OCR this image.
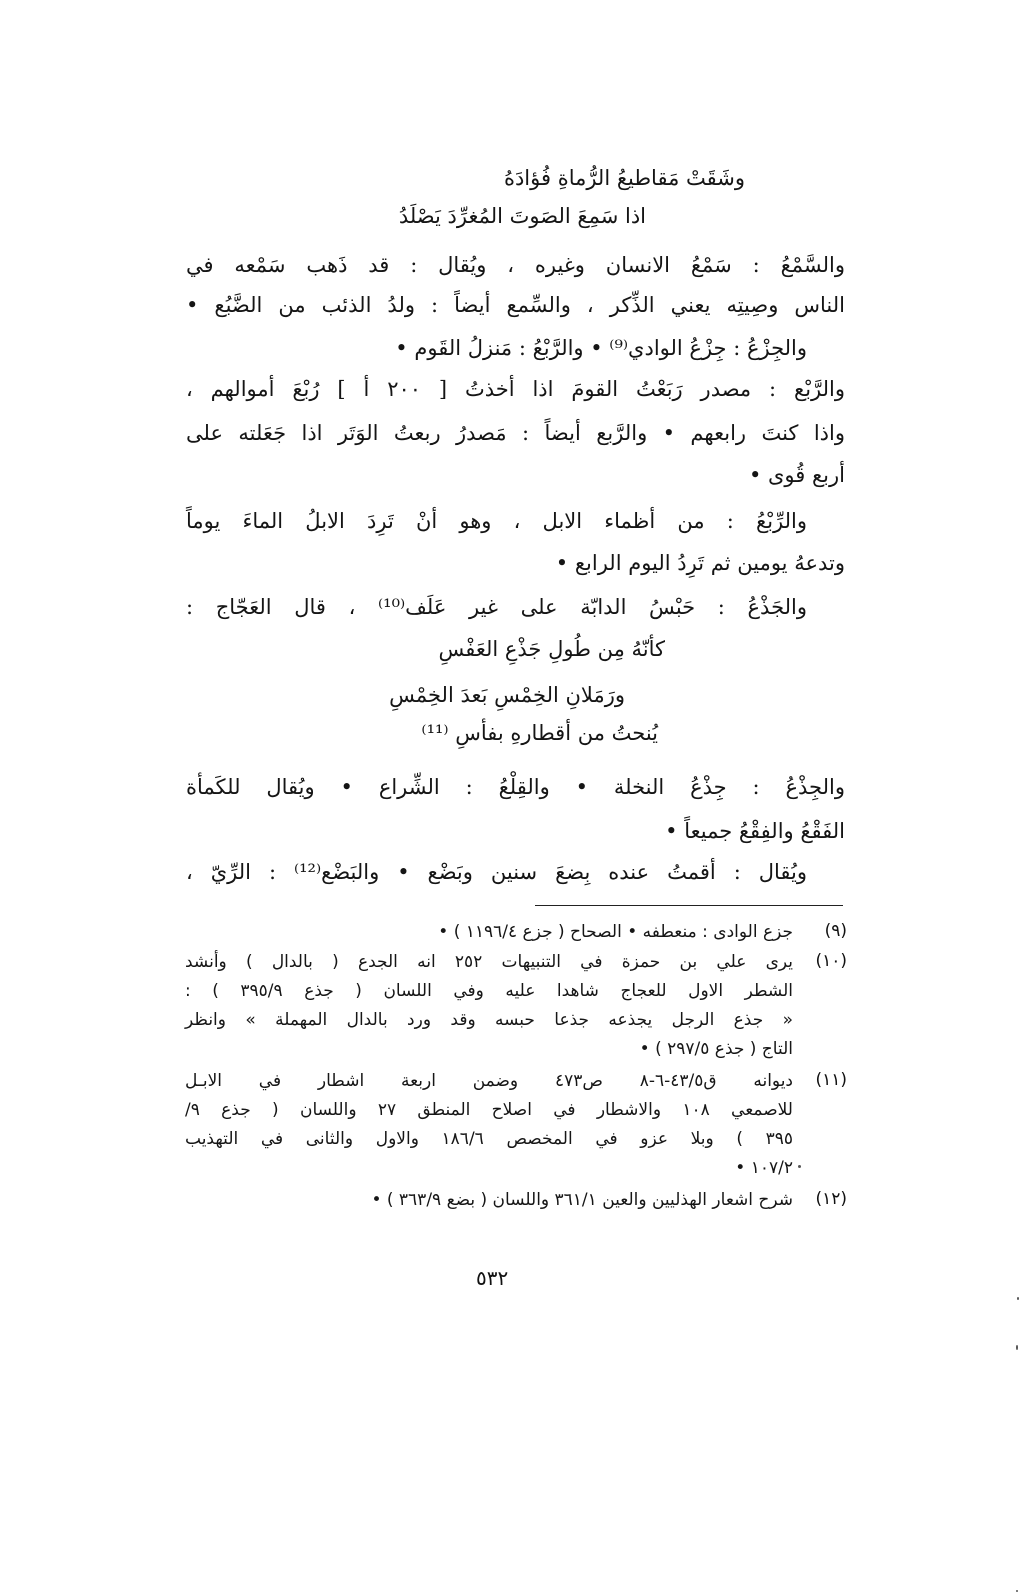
وشَقَتْ مَقاطيعُ الرُّماةِ فُؤادَهُ
اذا سَمِعَ الصَوتَ المُغرِّدَ يَصْلَدُ
والسَّمْعُ : سَمْعُ الانسان وغيره ، ويُقال : قد ذَهب سَمْعه في
الناس وصِيتِه يعني الذِّكر ، والسِّمع أيضاً : ولدُ الذئب من الضَّبُع •
والجِزْعُ : جِزْعُ الوادي⁽⁹⁾ • والرَّبْعُ : مَنزلُ القَوم •
والرَّبْع : مصدر رَبَعْتُ القومَ اذا أخذتُ [ ٢٠٠ أ ] رُبْعَ أموالهم ،
واذا كنتَ رابعهم • والرَّبع أيضاً : مَصدرُ ربعتُ الوَتَر اذا جَعَلته على
أربع قُوى •
والرِّبْعُ : من أظماء الابل ، وهو أنْ تَرِدَ الابلُ الماءَ يوماً
وتدعهُ يومين ثم تَرِدُ اليوم الرابع •
والجَذْعُ : حَبْسُ الدابّة على غير عَلَف⁽¹⁰⁾ ، قال العَجّاج :
كأنّهُ مِن طُولِ جَذْعِ العَفْسِ
ورَمَلانِ الخِمْسِ بَعدَ الخِمْسِ
يُنحتُ من أقطارهِ بفأسِ ⁽¹¹⁾
والجِذْعُ : جِذْعُ النخلة • والقِلْعُ : الشِّراع • ويُقال للكَمأة
الفَقْعُ والفِقْعُ جميعاً •
ويُقال : أقمتُ عنده بِضعَ سنين وبَضْع • والبَضْع⁽¹²⁾ : الرِّيّ ،
(٩)
جزع الوادى : منعطفه • الصحاح ( جزع ١١٩٦/٤ ) •
(١٠)
يرى علي بن حمزة في التنبيهات ٢٥٢ انه الجدع ( بالدال ) وأنشد
الشطر الاول للعجاج شاهدا عليه وفي اللسان ( جذع ٣٩٥/٩ ) :
« جذع الرجل يجذعه جذعا حبسه وقد ورد بالدال المهملة » وانظر
التاج ( جذع ٢٩٧/٥ ) •
(١١)
ديوانه ق٤٣/٥-٦-٨ ص٤٧٣ وضمن اربعة اشطار في الابـل
للاصمعي ١٠٨ والاشطار في اصلاح المنطق ٢٧ واللسان ( جذع ٩/
٣٩٥ ) وبلا عزو في المخصص ١٨٦/٦ والاول والثانى في التهذيب
١٠٧/٢ •
(١٢)
شرح اشعار الهذليين والعين ٣٦١/١ واللسان ( بضع ٣٦٣/٩ ) •
٥٣٢
